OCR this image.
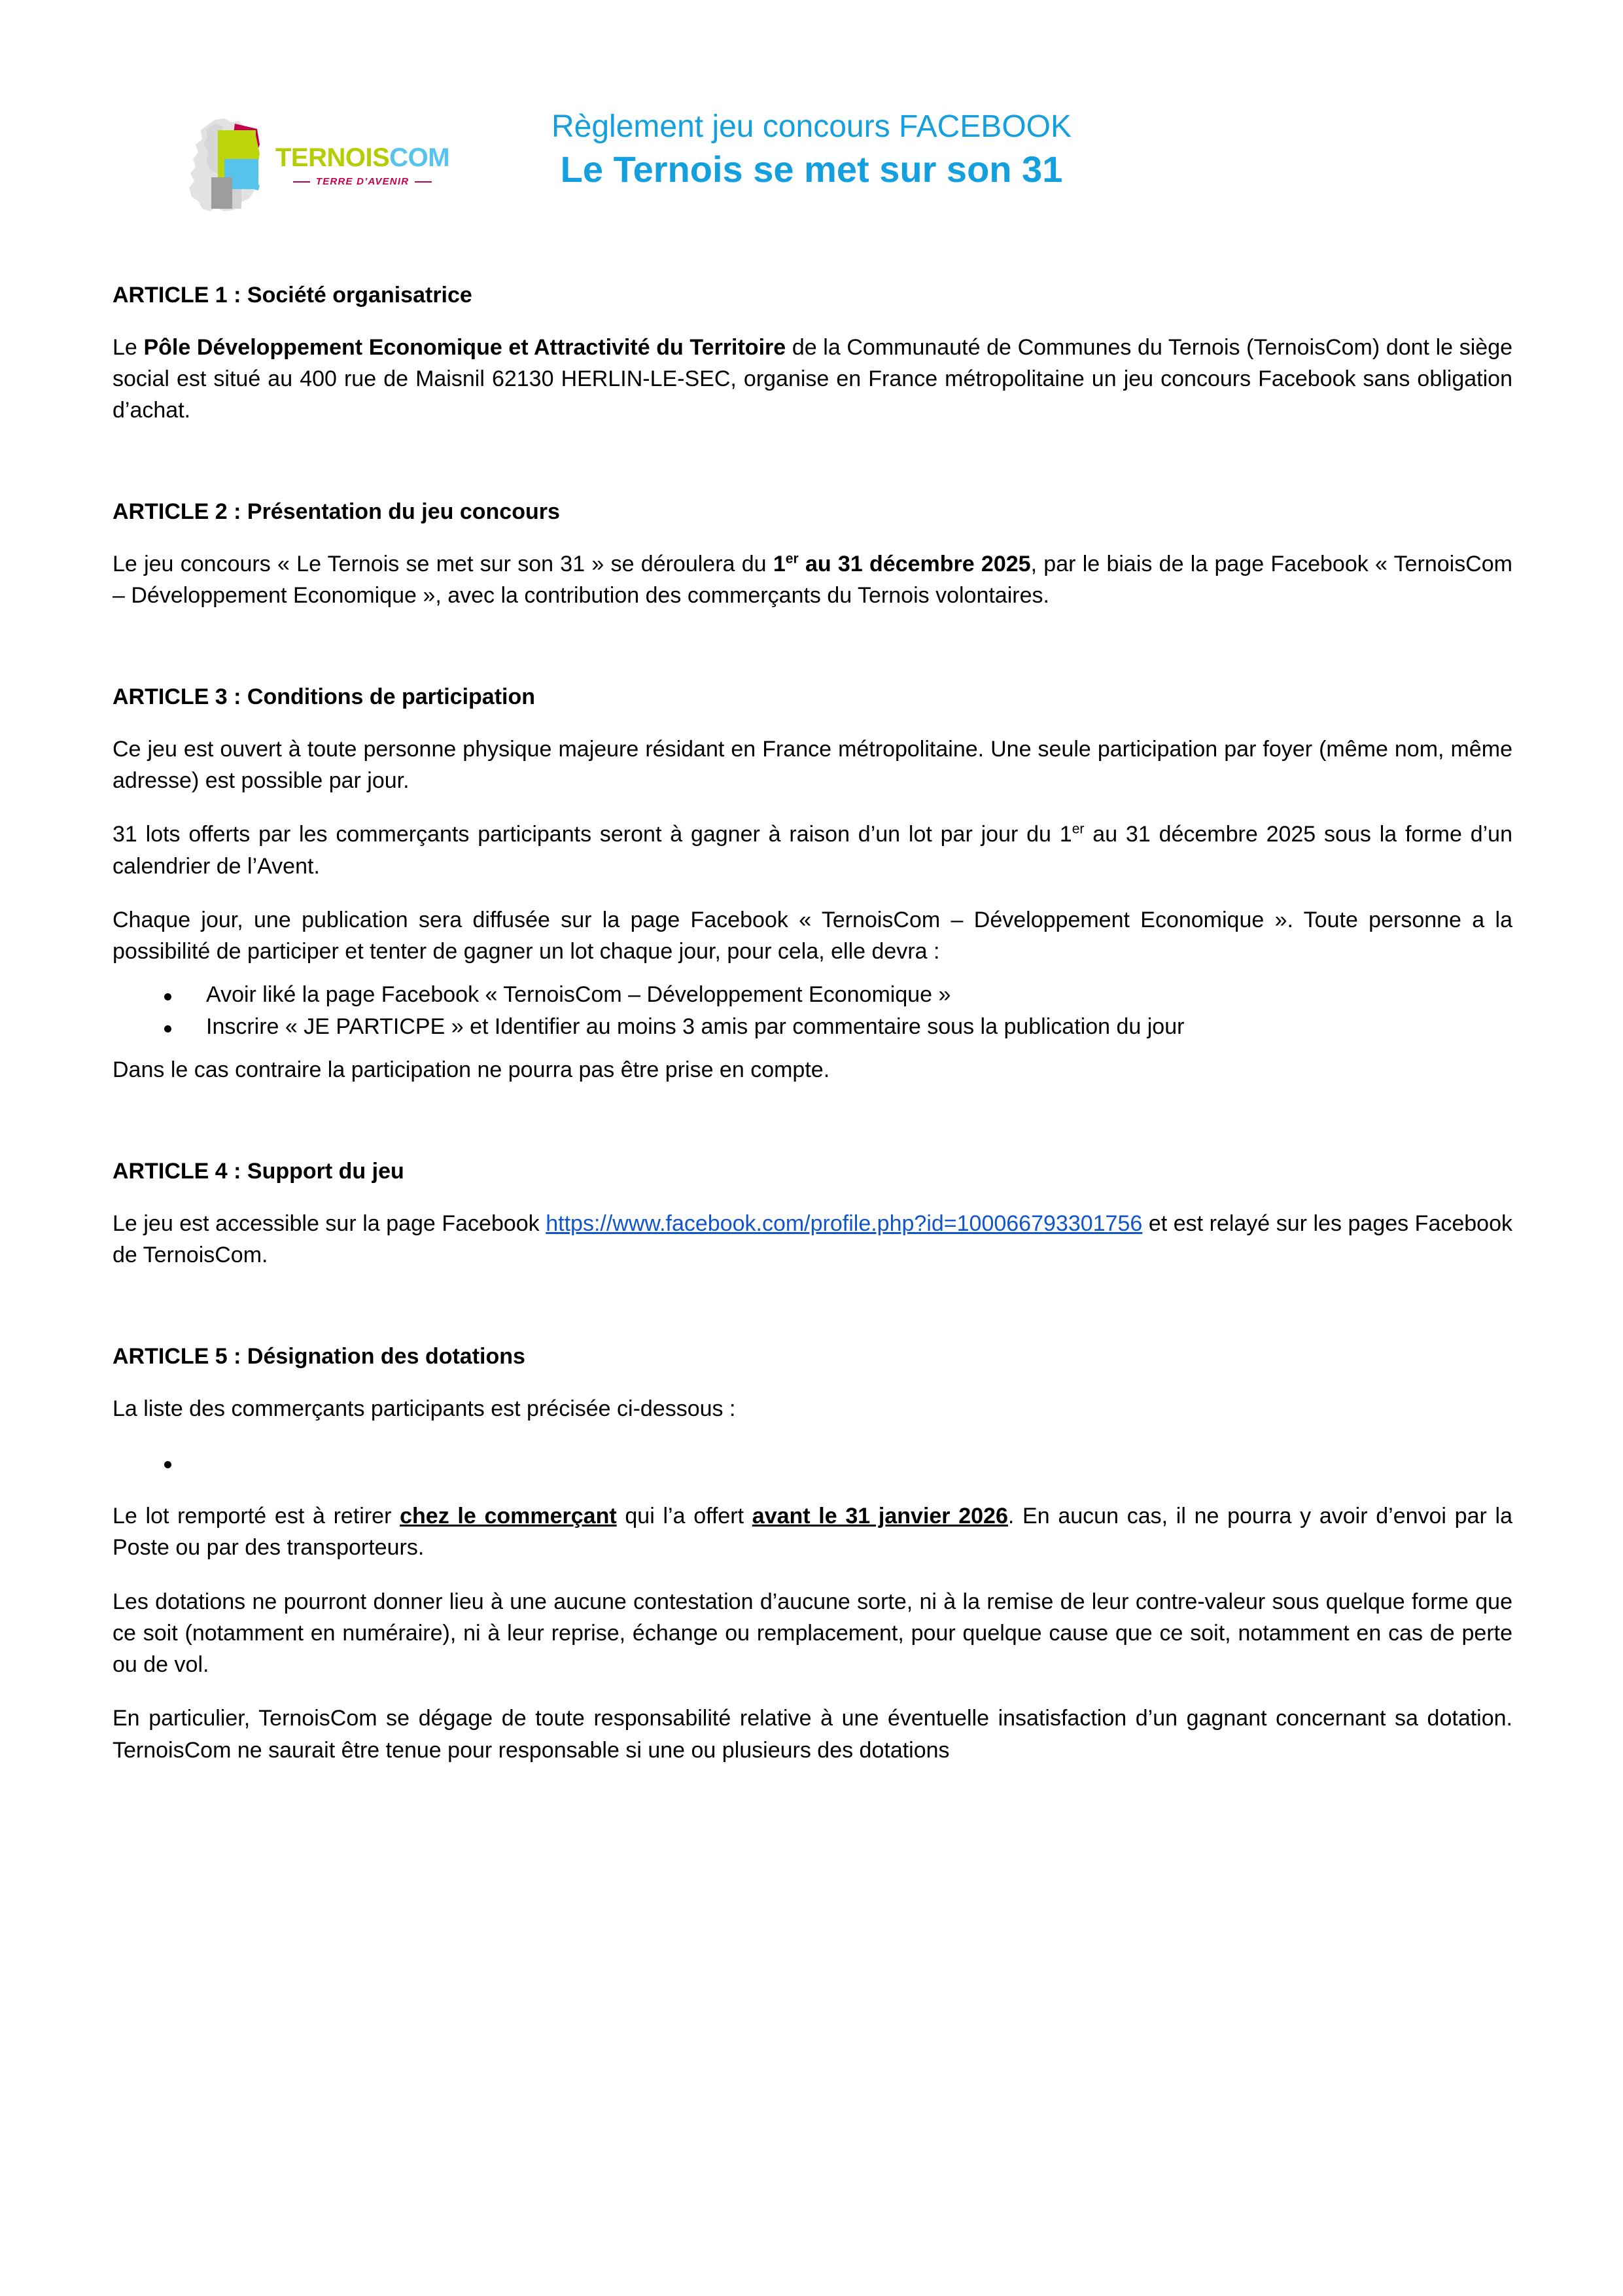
TERNOISCOM
TERRE D’AVENIR

Règlement jeu concours FACEBOOK

Le Ternois se met sur son 31

ARTICLE 1 : Société organisatrice

Le Pôle Développement Economique et Attractivité du Territoire de la Communauté de Communes du Ternois (TernoisCom) dont le siège social est situé au 400 rue de Maisnil 62130 HERLIN-LE-SEC, organise en France métropolitaine un jeu concours Facebook sans obligation d’achat.

ARTICLE 2 : Présentation du jeu concours

Le jeu concours « Le Ternois se met sur son 31 » se déroulera du 1er au 31 décembre 2025, par le biais de la page Facebook « TernoisCom – Développement Economique », avec la contribution des commerçants du Ternois volontaires.

ARTICLE 3 : Conditions de participation

Ce jeu est ouvert à toute personne physique majeure résidant en France métropolitaine. Une seule participation par foyer (même nom, même adresse) est possible par jour.

31 lots offerts par les commerçants participants seront à gagner à raison d’un lot par jour du 1er au 31 décembre 2025 sous la forme d’un calendrier de l’Avent.

Chaque jour, une publication sera diffusée sur la page Facebook « TernoisCom – Développement Economique ». Toute personne a la possibilité de participer et tenter de gagner un lot chaque jour, pour cela, elle devra :

Avoir liké la page Facebook « TernoisCom – Développement Economique »
Inscrire « JE PARTICPE » et Identifier au moins 3 amis par commentaire sous la publication du jour

Dans le cas contraire la participation ne pourra pas être prise en compte.

ARTICLE 4 : Support du jeu

Le jeu est accessible sur la page Facebook https://www.facebook.com/profile.php?id=100066793301756 et est relayé sur les pages Facebook de TernoisCom.

ARTICLE 5 : Désignation des dotations

La liste des commerçants participants est précisée ci-dessous :

Le lot remporté est à retirer chez le commerçant qui l’a offert avant le 31 janvier 2026. En aucun cas, il ne pourra y avoir d’envoi par la Poste ou par des transporteurs.

Les dotations ne pourront donner lieu à une aucune contestation d’aucune sorte, ni à la remise de leur contre-valeur sous quelque forme que ce soit (notamment en numéraire), ni à leur reprise, échange ou remplacement, pour quelque cause que ce soit, notamment en cas de perte ou de vol.

En particulier, TernoisCom se dégage de toute responsabilité relative à une éventuelle insatisfaction d’un gagnant concernant sa dotation. TernoisCom ne saurait être tenue pour responsable si une ou plusieurs des dotations
